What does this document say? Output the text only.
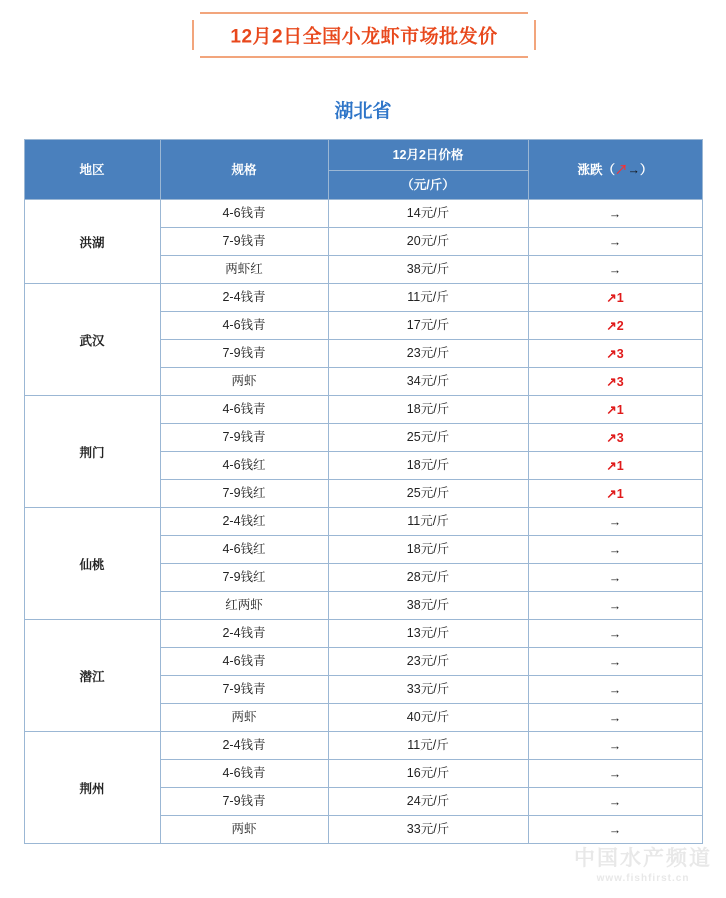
12月2日全国小龙虾市场批发价
湖北省
地区	规格	12月2日价格	涨跌（↗→）
		（元/斤）	
洪湖	4-6钱青	14元/斤	→
	7-9钱青	20元/斤	→
	两虾红	38元/斤	→
武汉	2-4钱青	11元/斤	↗1
	4-6钱青	17元/斤	↗2
	7-9钱青	23元/斤	↗3
	两虾	34元/斤	↗3
荆门	4-6钱青	18元/斤	↗1
	7-9钱青	25元/斤	↗3
	4-6钱红	18元/斤	↗1
	7-9钱红	25元/斤	↗1
仙桃	2-4钱红	11元/斤	→
	4-6钱红	18元/斤	→
	7-9钱红	28元/斤	→
	红两虾	38元/斤	→
潜江	2-4钱青	13元/斤	→
	4-6钱青	23元/斤	→
	7-9钱青	33元/斤	→
	两虾	40元/斤	→
荆州	2-4钱青	11元/斤	→
	4-6钱青	16元/斤	→
	7-9钱青	24元/斤	→
	两虾	33元/斤	→
中国水产频道
www.fishfirst.cn
